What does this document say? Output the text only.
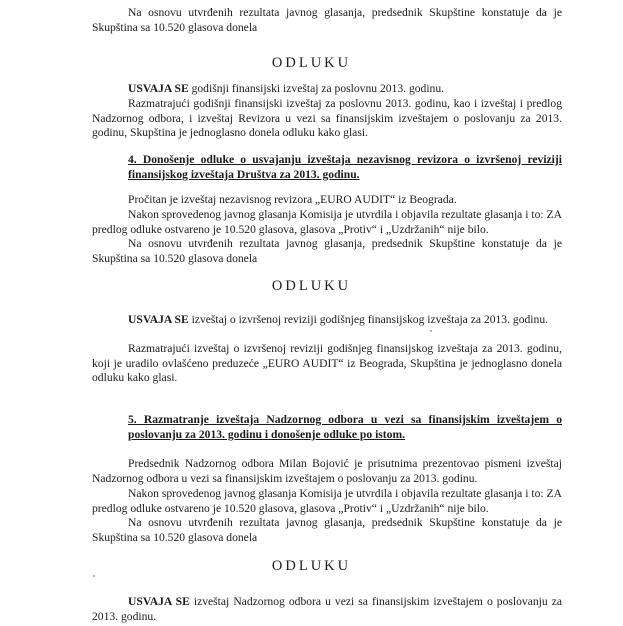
Na osnovu utvrđenih rezultata javnog glasanja, predsednik Skupštine konstatuje da je Skupština sa 10.520 glasova donela

ODLUKU

USVAJA SE godišnji finansijski izveštaj za poslovnu 2013. godinu.

Razmatrajući godišnji finansijski izveštaj za poslovnu 2013. godinu, kao i izveštaj i predlog Nadzornog odbora, i izveštaj Revizora u vezi sa finansijskim izveštajem o poslovanju za 2013. godinu, Skupština je jednoglasno donela odluku kako glasi.

4. Donošenje odluke o usvajanju izveštaja nezavisnog revizora o izvršenoj reviziji finansijskog izveštaja Društva za 2013. godinu.

Pročitan je izveštaj nezavisnog revizora „EURO AUDIT“ iz Beograda.

Nakon sprovedenog javnog glasanja Komisija je utvrdila i objavila rezultate glasanja i to: ZA predlog odluke ostvareno je 10.520 glasova, glasova „Protiv“ i „Uzdržanih“ nije bilo.

Na osnovu utvrđenih rezultata javnog glasanja, predsednik Skupštine konstatuje da je Skupština sa 10.520 glasova donela

ODLUKU

USVAJA SE izveštaj o izvršenoj reviziji godišnjeg finansijskog izveštaja za 2013. godinu.

Razmatrajući izveštaj o izvršenoj reviziji godišnjeg finansijskog izveštaja za 2013. godinu, koji je uradilo ovlašćeno preduzeće „EURO AUDIT“ iz Beograda, Skupština je jednoglasno donela odluku kako glasi.

5. Razmatranje izveštaja Nadzornog odbora u vezi sa finansijskim izveštajem o poslovanju za 2013. godinu i donošenje odluke po istom.

Predsednik Nadzornog odbora Milan Bojović je prisutnima prezentovao pismeni izveštaj Nadzornog odbora u vezi sa finansijskim izveštajem o poslovanju za 2013. godinu.

Nakon sprovedenog javnog glasanja Komisija je utvrdila i objavila rezultate glasanja i to: ZA predlog odluke ostvareno je 10.520 glasova, glasova „Protiv“ i „Uzdržanih“ nije bilo.

Na osnovu utvrđenih rezultata javnog glasanja, predsednik Skupštine konstatuje da je Skupština sa 10.520 glasova donela

ODLUKU

USVAJA SE izveštaj Nadzornog odbora u vezi sa finansijskim izveštajem o poslovanju za 2013. godinu.
